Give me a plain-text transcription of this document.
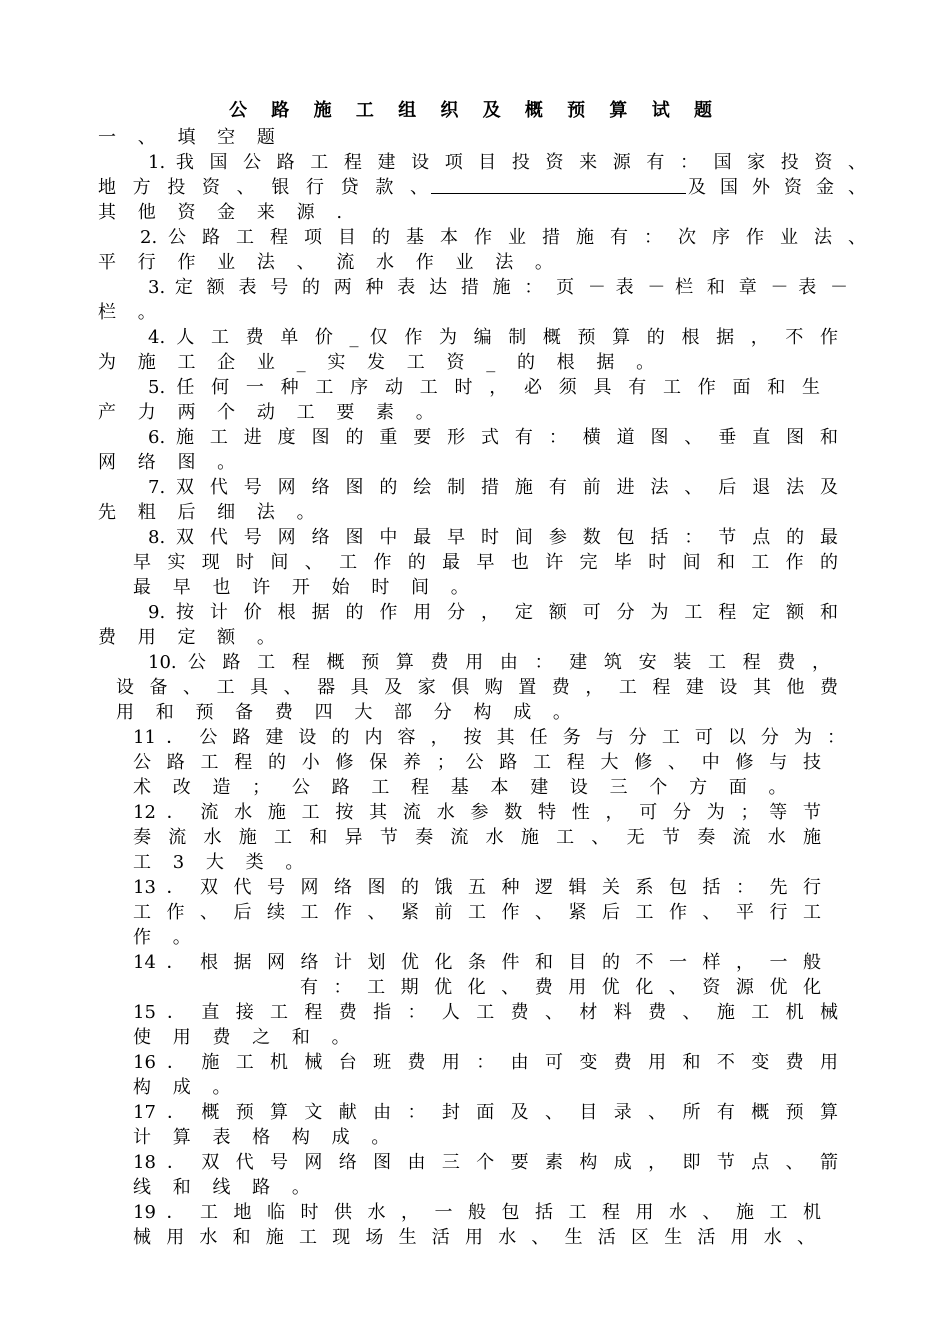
公 路 施 工 组 织 及 概 预 算 试 题
一 、 填 空 题
1. 我 国 公 路 工 程 建 设 项 目 投 资 来 源 有 ： 国 家 投 资 、
地 方 投 资 、 银 行 贷 款 、	及 国 外 资 金 、
其 他 资 金 来 源 .
2. 公 路 工 程 项 目 的 基 本 作 业 措 施 有 ： 次 序 作 业 法 、
平 行 作 业 法 、 流 水 作 业 法 。
3. 定 额 表 号 的 两 种 表 达 措 施 ： 页 － 表 － 栏 和 章 － 表 －
栏 。
4. 人 工 费 单 价 _ 仅 作 为 编 制 概 预 算 的 根 据 ， 不 作
为 施 工 企 业 _ 实 发 工 资 _ 的 根 据 。
5. 任 何 一 种 工 序 动 工 时 ， 必 须 具 有 工 作 面 和 生
产 力 两 个 动 工 要 素 。
6. 施 工 进 度 图 的 重 要 形 式 有 ： 横 道 图 、 垂 直 图 和
网 络 图 。
7. 双 代 号 网 络 图 的 绘 制 措 施 有 前 进 法 、 后 退 法 及
先 粗 后 细 法 。
8. 双 代 号 网 络 图 中 最 早 时 间 参 数 包 括 ： 节 点 的 最
早 实 现 时 间 、 工 作 的 最 早 也 许 完 毕 时 间 和 工 作 的
最 早 也 许 开 始 时 间 。
9. 按 计 价 根 据 的 作 用 分 ， 定 额 可 分 为 工 程 定 额 和
费 用 定 额 。
10. 公 路 工 程 概 预 算 费 用 由 ： 建 筑 安 装 工 程 费 ，
设 备 、 工 具 、 器 具 及 家 俱 购 置 费 ， 工 程 建 设 其 他 费
用 和 预 备 费 四 大 部 分 构 成 。
11 ． 公 路 建 设 的 内 容 ， 按 其 任 务 与 分 工 可 以 分 为 ：
公 路 工 程 的 小 修 保 养 ； 公 路 工 程 大 修 、 中 修 与 技
术 改 造 ； 公 路 工 程 基 本 建 设 三 个 方 面 。
12 ． 流 水 施 工 按 其 流 水 参 数 特 性 ， 可 分 为 ； 等 节
奏 流 水 施 工 和 异 节 奏 流 水 施 工 、 无 节 奏 流 水 施
工 3 大 类 。
13 ． 双 代 号 网 络 图 的 饿 五 种 逻 辑 关 系 包 括 ： 先 行
工 作 、 后 续 工 作 、 紧 前 工 作 、 紧 后 工 作 、 平 行 工
作 。
14 ． 根 据 网 络 计 划 优 化 条 件 和 目 的 不 一 样 ， 一 般
有 ： 工 期 优 化 、 费 用 优 化 、 资 源 优 化
15 ． 直 接 工 程 费 指 ： 人 工 费 、 材 料 费 、 施 工 机 械
使 用 费 之 和 。
16 ． 施 工 机 械 台 班 费 用 ： 由 可 变 费 用 和 不 变 费 用
构 成 。
17 ． 概 预 算 文 献 由 ： 封 面 及 、 目 录 、 所 有 概 预 算
计 算 表 格 构 成 。
18 ． 双 代 号 网 络 图 由 三 个 要 素 构 成 ， 即 节 点 、 箭
线 和 线 路 。
19 ． 工 地 临 时 供 水 ， 一 般 包 括 工 程 用 水 、 施 工 机
械 用 水 和 施 工 现 场 生 活 用 水 、 生 活 区 生 活 用 水 、
